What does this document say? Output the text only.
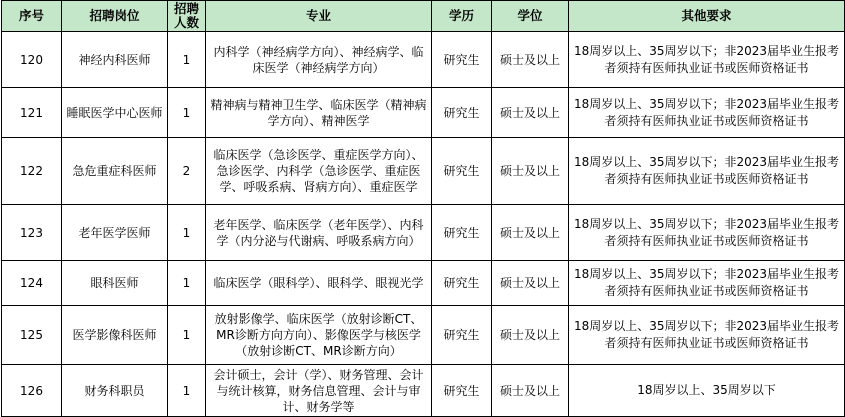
序号	招聘岗位	招聘人数	专业	学历	学位	其他要求
120	神经内科医师	1	内科学（神经病学方向）、神经病学、临床医学（神经病学方向）	研究生	硕士及以上	18周岁以上、35周岁以下；非2023届毕业生报考者须持有医师执业证书或医师资格证书
121	睡眠医学中心医师	1	精神病与精神卫生学、临床医学（精神病学方向）、精神医学	研究生	硕士及以上	18周岁以上、35周岁以下；非2023届毕业生报考者须持有医师执业证书或医师资格证书
122	急危重症科医师	2	临床医学（急诊医学、重症医学方向）、急诊医学、内科学（急诊医学、重症医学、呼吸系病、肾病方向）、重症医学	研究生	硕士及以上	18周岁以上、35周岁以下；非2023届毕业生报考者须持有医师执业证书或医师资格证书
123	老年医学医师	1	老年医学、临床医学（老年医学）、内科学（内分泌与代谢病、呼吸系病方向）	研究生	硕士及以上	18周岁以上、35周岁以下；非2023届毕业生报考者须持有医师执业证书或医师资格证书
124	眼科医师	1	临床医学（眼科学）、眼科学、眼视光学	研究生	硕士及以上	18周岁以上、35周岁以下；非2023届毕业生报考者须持有医师执业证书或医师资格证书
125	医学影像科医师	1	放射影像学、临床医学（放射诊断CT、MR诊断方向方向）、影像医学与核医学（放射诊断CT、MR诊断方向）	研究生	硕士及以上	18周岁以上、35周岁以下；非2023届毕业生报考者须持有医师执业证书或医师资格证书
126	财务科职员	1	会计硕士，会计（学）、财务管理、会计与统计核算，财务信息管理、会计与审计、财务学等	研究生	硕士及以上	18周岁以上、35周岁以下
